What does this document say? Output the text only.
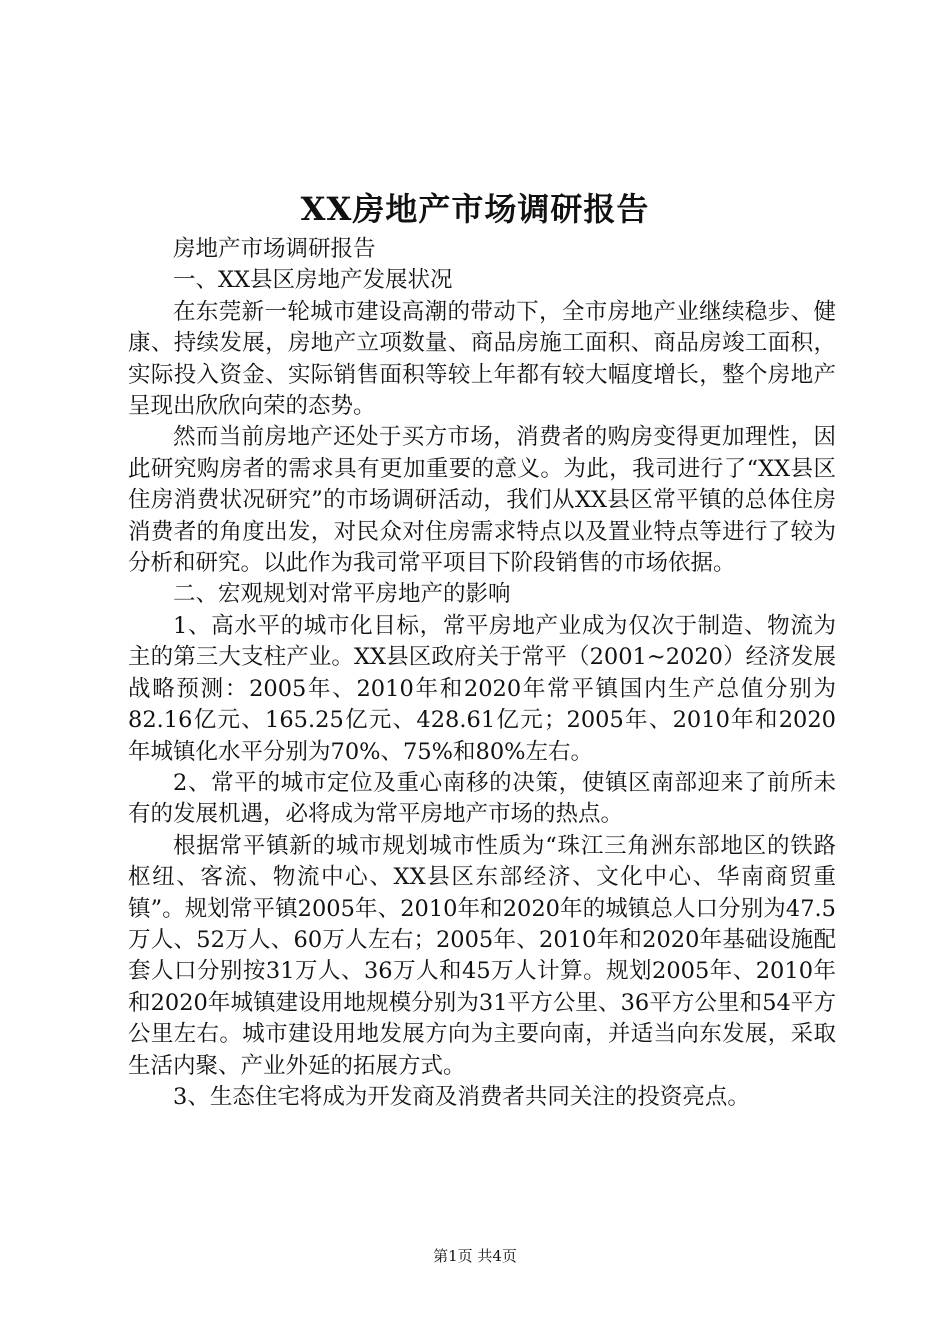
XX房地产市场调研报告

房地产市场调研报告

一、XX县区房地产发展状况

在东莞新一轮城市建设高潮的带动下，全市房地产业继续稳步、健康、持续发展，房地产立项数量、商品房施工面积、商品房竣工面积，实际投入资金、实际销售面积等较上年都有较大幅度增长，整个房地产呈现出欣欣向荣的态势。

然而当前房地产还处于买方市场，消费者的购房变得更加理性，因此研究购房者的需求具有更加重要的意义。为此，我司进行了“XX县区住房消费状况研究”的市场调研活动，我们从XX县区常平镇的总体住房消费者的角度出发，对民众对住房需求特点以及置业特点等进行了较为分析和研究。以此作为我司常平项目下阶段销售的市场依据。

二、宏观规划对常平房地产的影响

1、高水平的城市化目标，常平房地产业成为仅次于制造、物流为主的第三大支柱产业。XX县区政府关于常平（2001~2020）经济发展战略预测：2005年、2010年和2020年常平镇国内生产总值分别为82.16亿元、165.25亿元、428.61亿元；2005年、2010年和2020年城镇化水平分别为70%、75%和80%左右。

2、常平的城市定位及重心南移的决策，使镇区南部迎来了前所未有的发展机遇，必将成为常平房地产市场的热点。

根据常平镇新的城市规划城市性质为“珠江三角洲东部地区的铁路枢纽、客流、物流中心、XX县区东部经济、文化中心、华南商贸重镇”。规划常平镇2005年、2010年和2020年的城镇总人口分别为47.5万人、52万人、60万人左右；2005年、2010年和2020年基础设施配套人口分别按31万人、36万人和45万人计算。规划2005年、2010年和2020年城镇建设用地规模分别为31平方公里、36平方公里和54平方公里左右。城市建设用地发展方向为主要向南，并适当向东发展，采取生活内聚、产业外延的拓展方式。

3、生态住宅将成为开发商及消费者共同关注的投资亮点。

第1页 共4页
